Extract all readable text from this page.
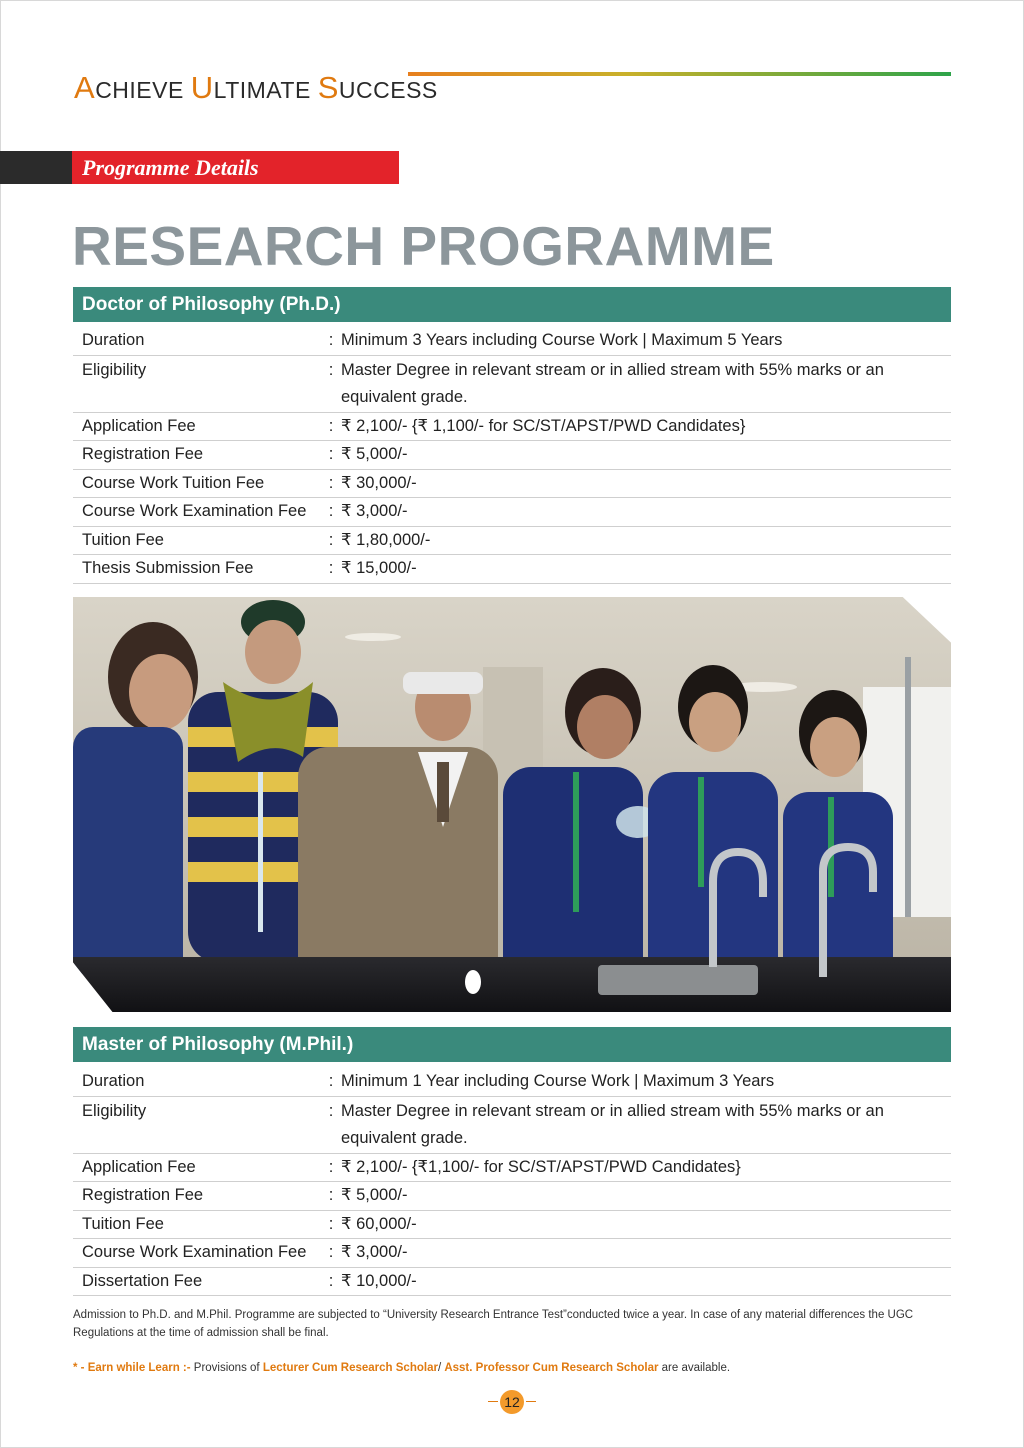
ACHIEVE ULTIMATE SUCCESS
Programme Details
RESEARCH PROGRAMME
Doctor of Philosophy (Ph.D.)
Duration	:	Minimum 3 Years including Course Work | Maximum 5 Years
Eligibility	:	Master Degree in relevant stream or in allied stream with 55% marks or an equivalent grade.
Application Fee	:	₹ 2,100/- {₹ 1,100/- for SC/ST/APST/PWD Candidates}
Registration Fee	:	₹ 5,000/-
Course Work Tuition Fee	:	₹ 30,000/-
Course Work Examination Fee	:	₹ 3,000/-
Tuition Fee	:	₹ 1,80,000/-
Thesis Submission Fee	:	₹ 15,000/-
Master of Philosophy (M.Phil.)
Duration	:	Minimum 1 Year including Course Work | Maximum 3 Years
Eligibility	:	Master Degree in relevant stream or in allied stream with 55% marks or an equivalent grade.
Application Fee	:	₹ 2,100/- {₹1,100/- for SC/ST/APST/PWD Candidates}
Registration Fee	:	₹ 5,000/-
Tuition Fee	:	₹ 60,000/-
Course Work Examination Fee	:	₹ 3,000/-
Dissertation Fee	:	₹ 10,000/-

Admission to Ph.D. and M.Phil. Programme are subjected to “University Research Entrance Test”conducted twice a year. In case of any material differences the UGC Regulations at the time of admission shall be final.

* - Earn while Learn :- Provisions of Lecturer Cum Research Scholar/ Asst. Professor Cum Research Scholar are available.

12
